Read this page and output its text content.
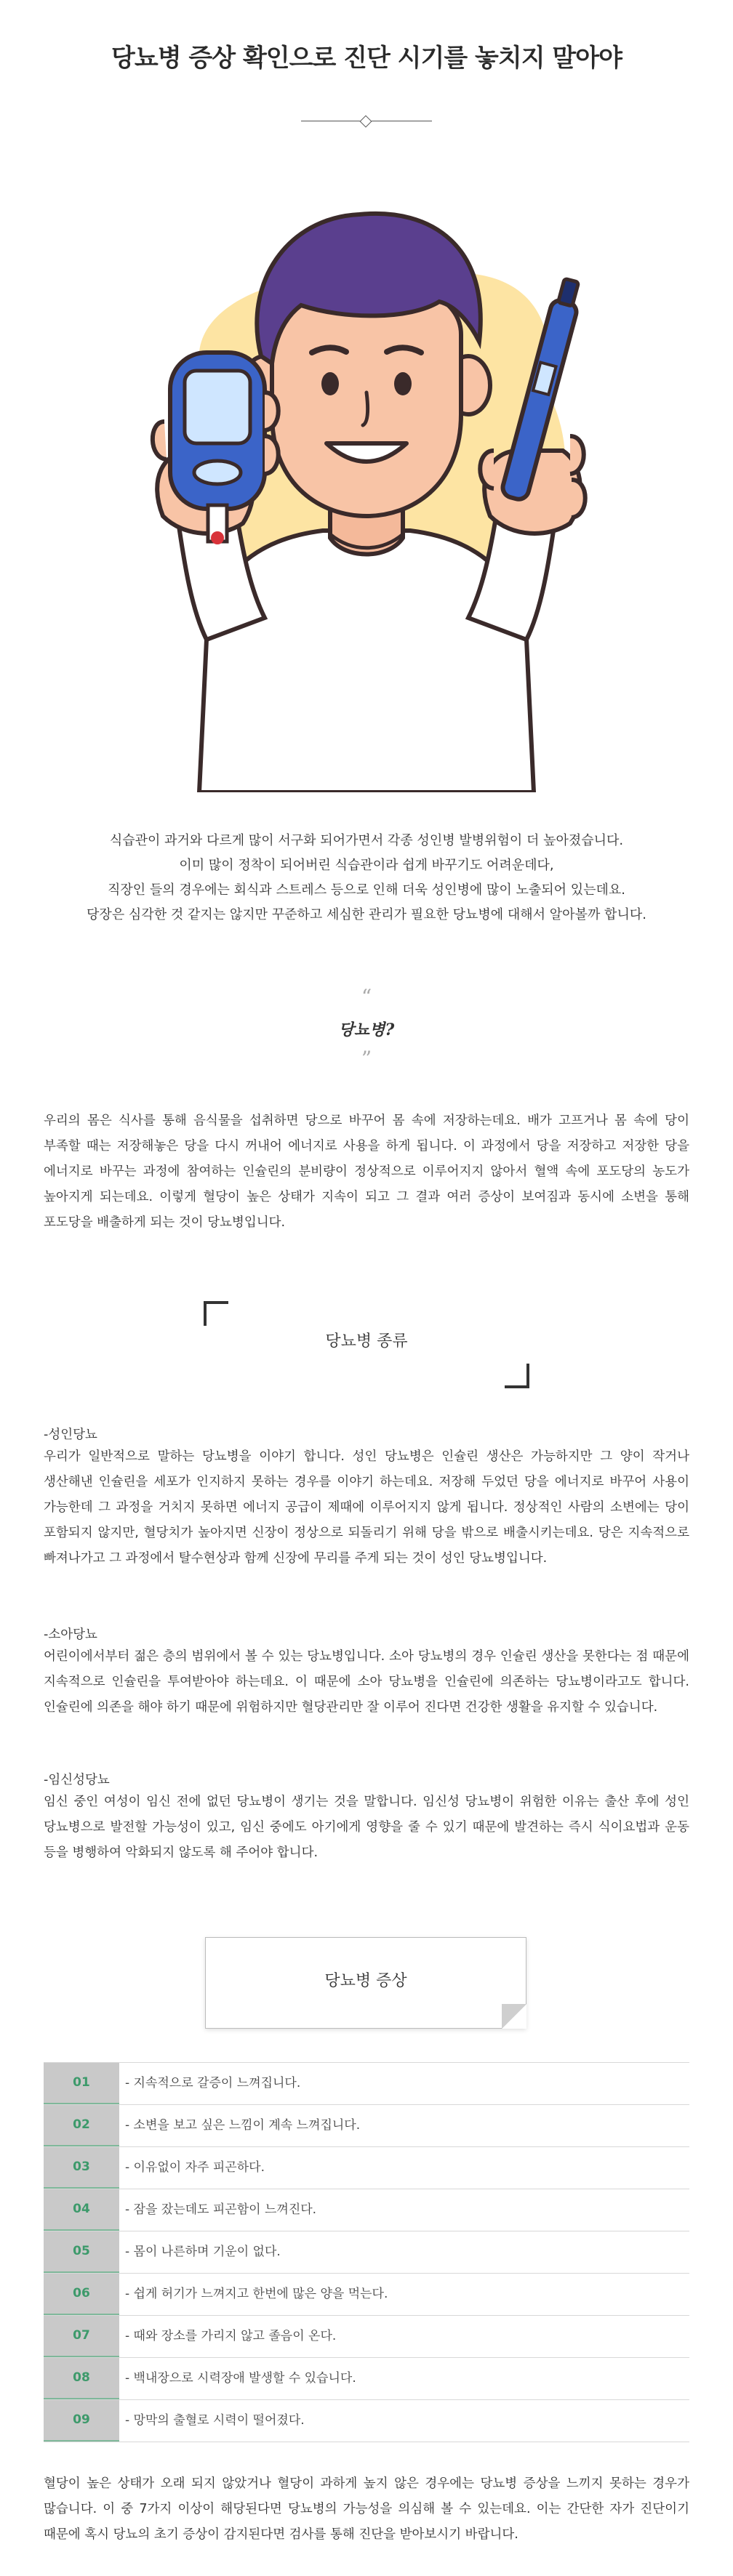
당뇨병 증상 확인으로 진단 시기를 놓치지 말아야
식습관이 과거와 다르게 많이 서구화 되어가면서 각종 성인병 발병위험이 더 높아졌습니다.
이미 많이 정착이 되어버린 식습관이라 쉽게 바꾸기도 어려운데다,
직장인 들의 경우에는 회식과 스트레스 등으로 인해 더욱 성인병에 많이 노출되어 있는데요.
당장은 심각한 것 같지는 않지만 꾸준하고 세심한 관리가 필요한 당뇨병에 대해서 알아볼까 합니다.
“
당뇨병?
”
우리의 몸은 식사를 통해 음식물을 섭취하면 당으로 바꾸어 몸 속에 저장하는데요. 배가 고프거나 몸 속에 당이 부족할 때는 저장해놓은 당을 다시 꺼내어 에너지로 사용을 하게 됩니다. 이 과정에서 당을 저장하고 저장한 당을 에너지로 바꾸는 과정에 참여하는 인슐린의 분비량이 정상적으로 이루어지지 않아서 혈액 속에 포도당의 농도가 높아지게 되는데요. 이렇게 혈당이 높은 상태가 지속이 되고 그 결과 여러 증상이 보여짐과 동시에 소변을 통해 포도당을 배출하게 되는 것이 당뇨병입니다.
당뇨병 종류
-성인당뇨
우리가 일반적으로 말하는 당뇨병을 이야기 합니다. 성인 당뇨병은 인슐린 생산은 가능하지만 그 양이 작거나 생산해낸 인슐린을 세포가 인지하지 못하는 경우를 이야기 하는데요. 저장해 두었던 당을 에너지로 바꾸어 사용이 가능한데 그 과정을 거치지 못하면 에너지 공급이 제때에 이루어지지 않게 됩니다. 정상적인 사람의 소변에는 당이 포함되지 않지만, 혈당치가 높아지면 신장이 정상으로 되돌리기 위해 당을 밖으로 배출시키는데요. 당은 지속적으로 빠져나가고 그 과정에서 탈수현상과 함께 신장에 무리를 주게 되는 것이 성인 당뇨병입니다.
-소아당뇨
어린이에서부터 젊은 층의 범위에서 볼 수 있는 당뇨병입니다. 소아 당뇨병의 경우 인슐린 생산을 못한다는 점 때문에 지속적으로 인슐린을 투여받아야 하는데요. 이 때문에 소아 당뇨병을 인슐린에 의존하는 당뇨병이라고도 합니다. 인슐린에 의존을 해야 하기 때문에 위험하지만 혈당관리만 잘 이루어 진다면 건강한 생활을 유지할 수 있습니다.
-임신성당뇨
임신 중인 여성이 임신 전에 없던 당뇨병이 생기는 것을 말합니다. 임신성 당뇨병이 위험한 이유는 출산 후에 성인 당뇨병으로 발전할 가능성이 있고, 임신 중에도 아기에게 영향을 줄 수 있기 때문에 발견하는 즉시 식이요법과 운동 등을 병행하여 악화되지 않도록 해 주어야 합니다.
당뇨병 증상
01	- 지속적으로 갈증이 느껴집니다.
02	- 소변을 보고 싶은 느낌이 계속 느껴집니다.
03	- 이유없이 자주 피곤하다.
04	- 잠을 잤는데도 피곤함이 느껴진다.
05	- 몸이 나른하며 기운이 없다.
06	- 쉽게 허기가 느껴지고 한번에 많은 양을 먹는다.
07	- 때와 장소를 가리지 않고 졸음이 온다.
08	- 백내장으로 시력장애 발생할 수 있습니다.
09	- 망막의 출혈로 시력이 떨어졌다.
혈당이 높은 상태가 오래 되지 않았거나 혈당이 과하게 높지 않은 경우에는 당뇨병 증상을 느끼지 못하는 경우가 많습니다. 이 중 7가지 이상이 해당된다면 당뇨병의 가능성을 의심해 볼 수 있는데요. 이는 간단한 자가 진단이기 때문에 혹시 당뇨의 초기 증상이 감지된다면 검사를 통해 진단을 받아보시기 바랍니다.
